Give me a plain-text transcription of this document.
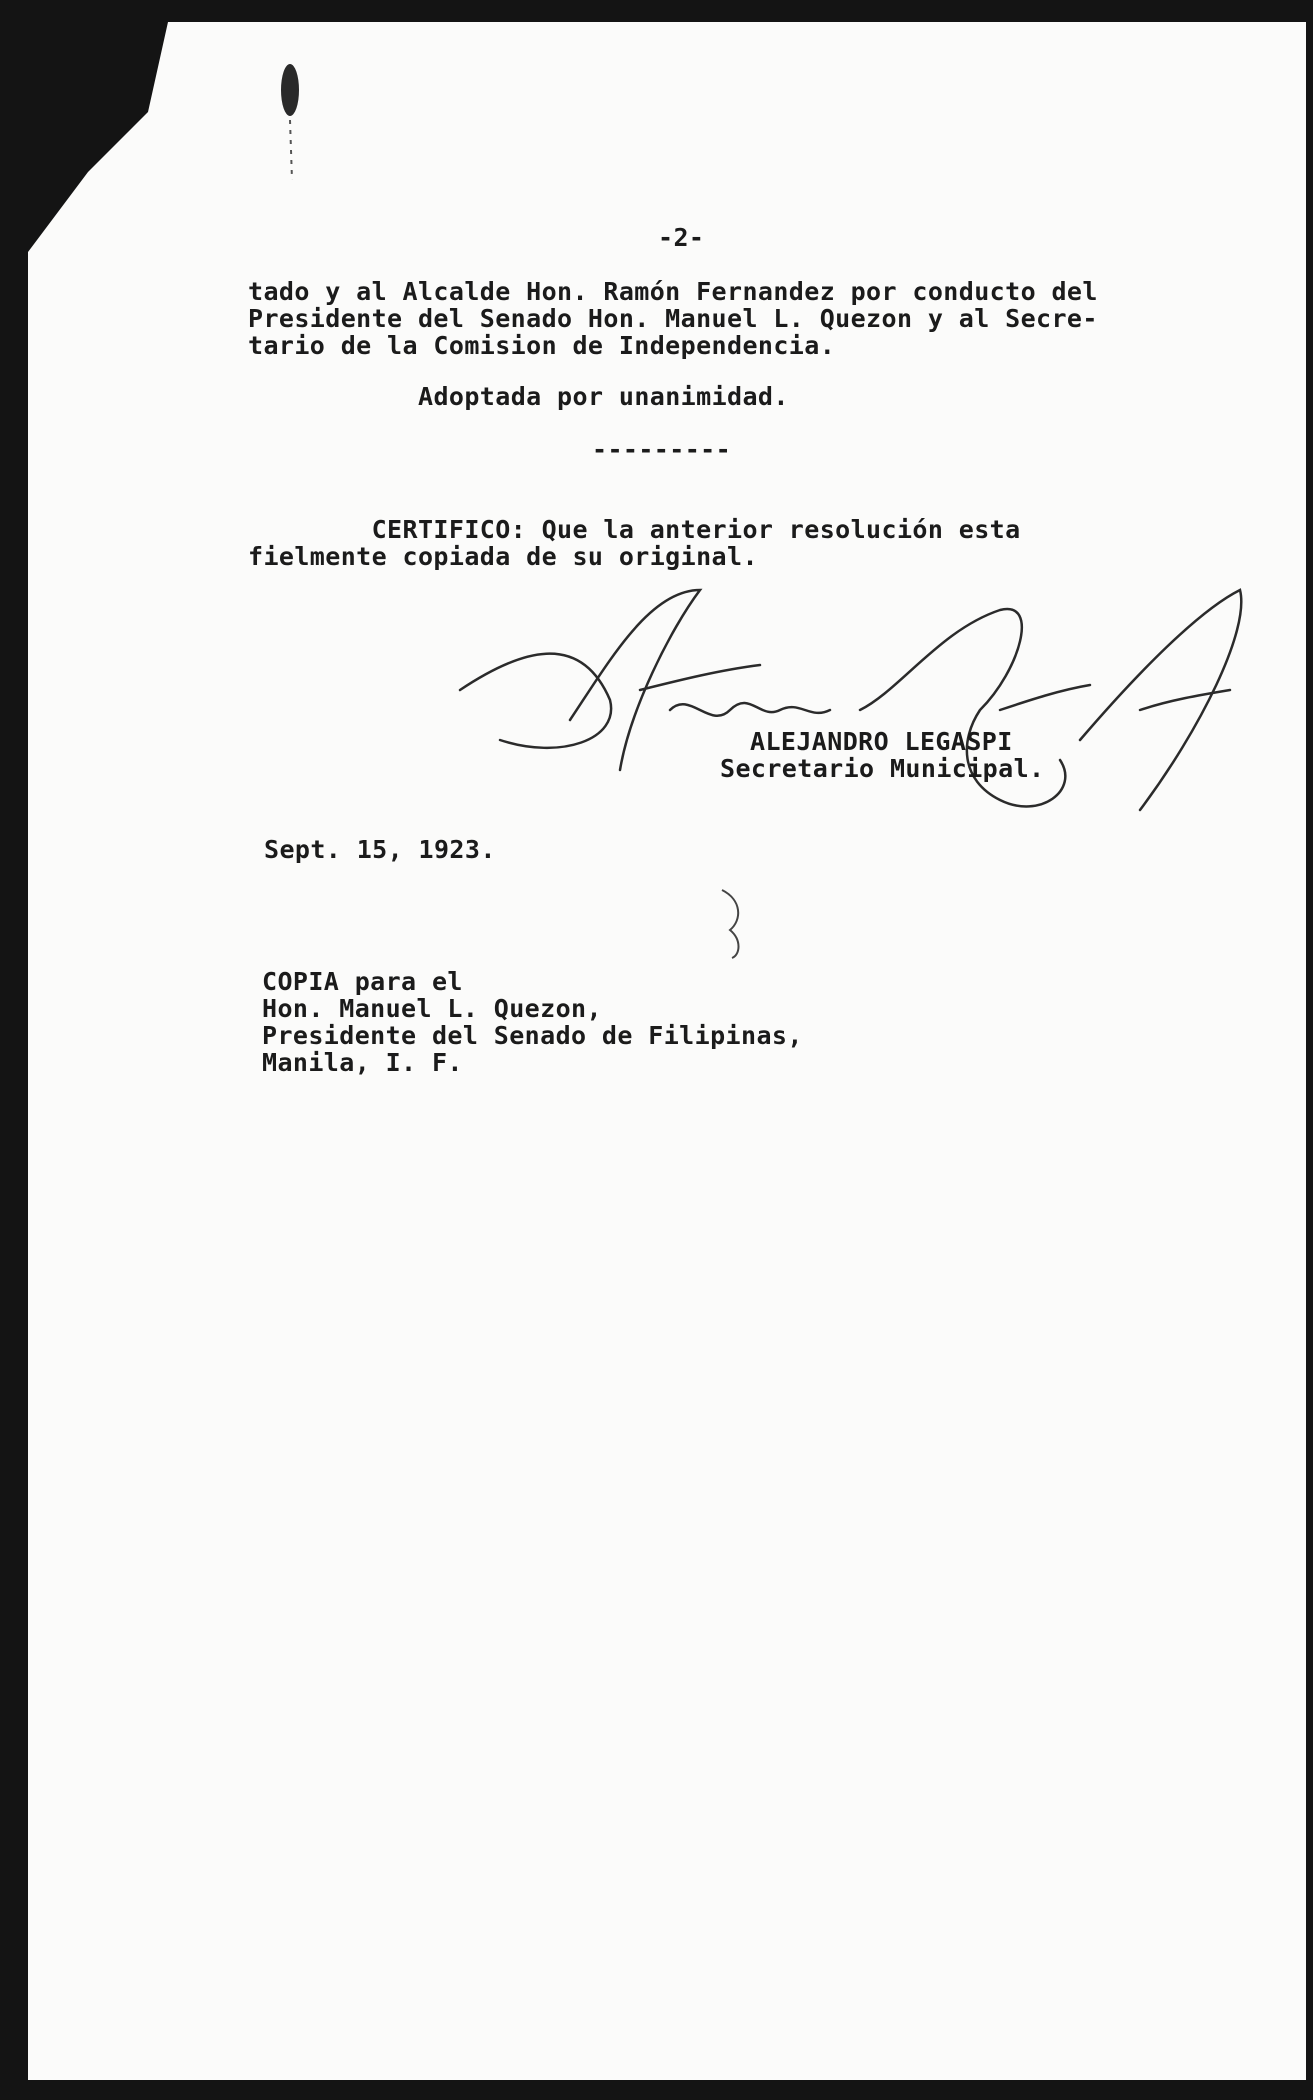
-2-
tado y al Alcalde Hon. Ramón Fernandez por conducto del
Presidente del Senado Hon. Manuel L. Quezon y al Secre-
tario de la Comision de Independencia.
Adoptada por unanimidad.
---------
CERTIFICO: Que la anterior resolución esta
fielmente copiada de su original.
ALEJANDRO LEGASPI
Secretario Municipal.
Sept. 15, 1923.
COPIA para el
Hon. Manuel L. Quezon,
Presidente del Senado de Filipinas,
Manila, I. F.
